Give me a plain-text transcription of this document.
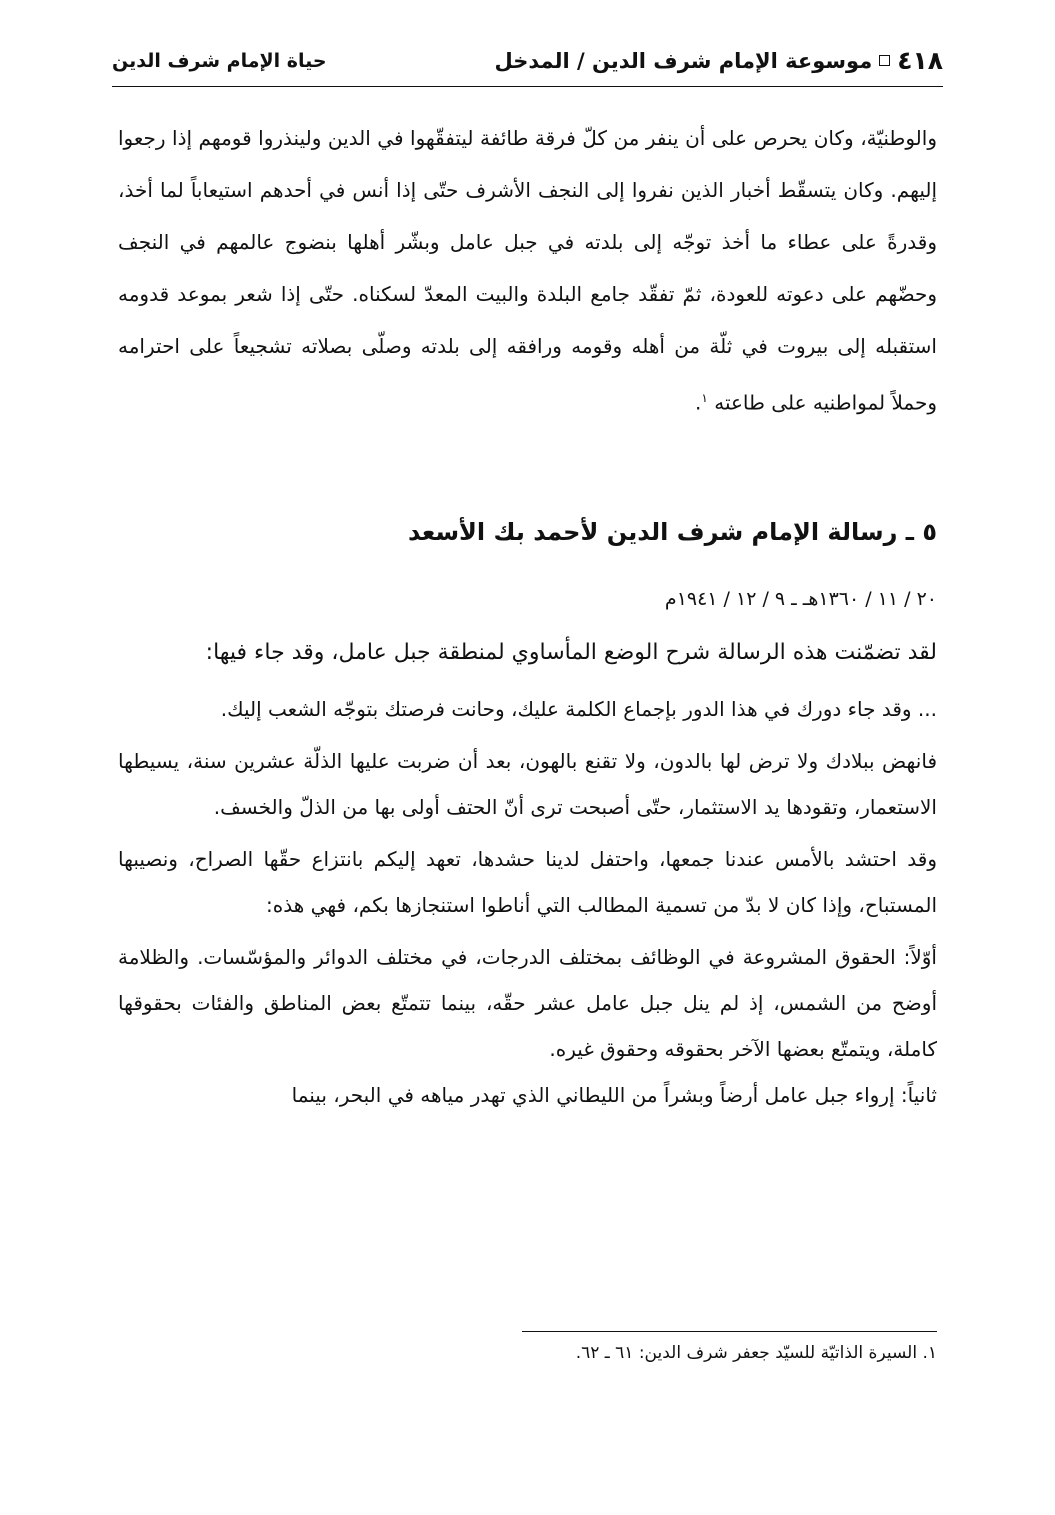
٤١٨
موسوعة الإمام شرف الدين / المدخل
حياة الإمام شرف الدين

والوطنيّة، وكان يحرص على أن ينفر من كلّ فرقة طائفة ليتفقّهوا في الدين ولينذروا قومهم إذا رجعوا إليهم. وكان يتسقّط أخبار الذين نفروا إلى النجف الأشرف حتّى إذا أنس في أحدهم استيعاباً لما أخذ، وقدرةً على عطاء ما أخذ توجّه إلى بلدته في جبل عامل وبشّر أهلها بنضوج عالمهم في النجف وحضّهم على دعوته للعودة، ثمّ تفقّد جامع البلدة والبيت المعدّ لسكناه. حتّى إذا شعر بموعد قدومه استقبله إلى بيروت في ثلّة من أهله وقومه ورافقه إلى بلدته وصلّى بصلاته تشجيعاً على احترامه وحملاً لمواطنيه على طاعته $^١$.

٥ ـ رسالة الإمام شرف الدين لأحمد بك الأسعد
٢٠ / ١١ / ١٣٦٠هـ ـ ٩ / ١٢ / ١٩٤١م
لقد تضمّنت هذه الرسالة شرح الوضع المأساوي لمنطقة جبل عامل، وقد جاء فيها:

... وقد جاء دورك في هذا الدور بإجماع الكلمة عليك، وحانت فرصتك بتوجّه الشعب إليك.

فانهض ببلادك ولا ترض لها بالدون، ولا تقنع بالهون، بعد أن ضربت عليها الذلّة عشرين سنة، يسيطها الاستعمار، وتقودها يد الاستثمار، حتّى أصبحت ترى أنّ الحتف أولى بها من الذلّ والخسف.

وقد احتشد بالأمس عندنا جمعها، واحتفل لدينا حشدها، تعهد إليكم بانتزاع حقّها الصراح، ونصيبها المستباح، وإذا كان لا بدّ من تسمية المطالب التي أناطوا استنجازها بكم، فهي هذه:

أوّلاً: الحقوق المشروعة في الوظائف بمختلف الدرجات، في مختلف الدوائر والمؤسّسات. والظلامة أوضح من الشمس، إذ لم ينل جبل عامل عشر حقّه، بينما تتمتّع بعض المناطق والفئات بحقوقها كاملة، ويتمتّع بعضها الآخر بحقوقه وحقوق غيره.

ثانياً: إرواء جبل عامل أرضاً وبشراً من الليطاني الذي تهدر مياهه في البحر، بينما

١. السيرة الذاتيّة للسيّد جعفر شرف الدين: ٦١ ـ ٦٢.
